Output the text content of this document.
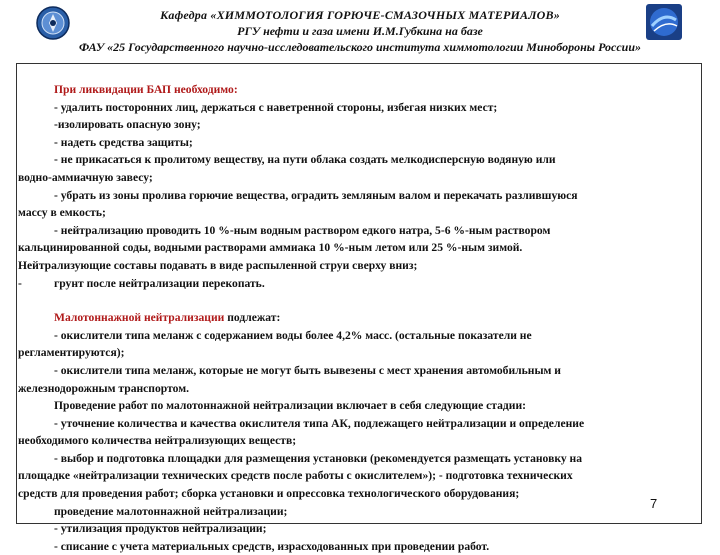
Кафедра «ХИММОТОЛОГИЯ ГОРЮЧЕ-СМАЗОЧНЫХ МАТЕРИАЛОВ»
РГУ нефти и газа имени И.М.Губкина на базе
ФАУ «25 Государственного научно-исследовательского института химмотологии Минобороны России»

При ликвидации БАП необходимо:

- удалить посторонних лиц, держаться с наветренной стороны, избегая низких мест;

-изолировать опасную зону;

- надеть средства защиты;

- не прикасаться к пролитому веществу, на пути облака создать мелкодисперсную водяную или

водно-аммиачную завесу;

- убрать из зоны пролива горючие вещества, оградить земляным валом и перекачать разлившуюся

массу в емкость;

- нейтрализацию проводить 10 %-ным водным раствором едкого натра, 5-6 %-ным раствором

кальцинированной соды, водными растворами аммиака 10 %-ным летом или 25 %-ным зимой.

Нейтрализующие составы подавать в виде распыленной струи сверху вниз;

-	грунт после нейтрализации перекопать.

Малотоннажной нейтрализации подлежат:

- окислители типа меланж с содержанием воды более 4,2% масс. (остальные показатели не

регламентируются);

- окислители типа меланж, которые не могут быть вывезены с мест хранения автомобильным и

железнодорожным транспортом.

Проведение работ по малотоннажной нейтрализации включает в себя следующие стадии:

- уточнение количества и качества окислителя типа АК, подлежащего нейтрализации и определение

необходимого количества нейтрализующих веществ;

- выбор и подготовка площадки для размещения установки (рекомендуется размещать установку на

площадке «нейтрализации технических средств после работы с окислителем»); - подготовка технических

средств для проведения работ; сборка установки и опрессовка технологического оборудования;

проведение малотоннажной нейтрализации;

- утилизация продуктов нейтрализации;

- списание с учета материальных средств, израсходованных при проведении работ.

7
